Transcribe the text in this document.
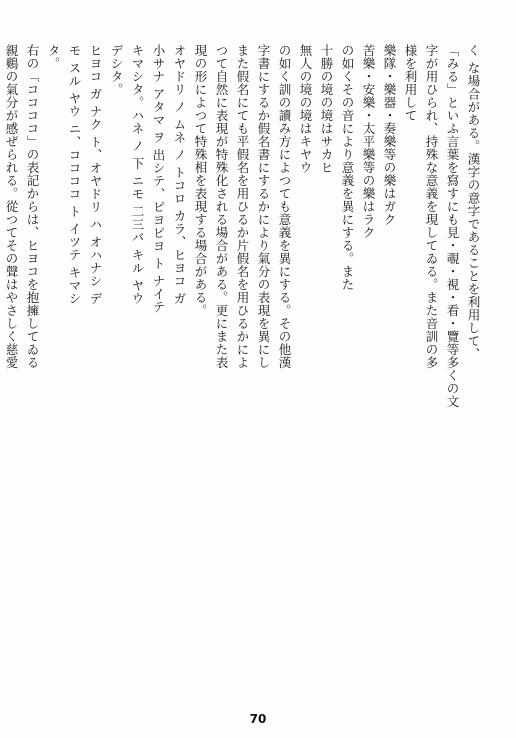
く な場合がある。漢字の意字であることを利用して、
「みる」といふ言葉を寫すにも見・覗・視・看・覽等多くの文
字が用ひられ、持殊な意義を現してゐる。また音訓の多
様を利用して
樂隊・樂器・奏樂等の樂はガク
苦樂・安樂・太平樂等の樂はラク
の如くその音により意義を異にする。また
十勝の境の境はサカヒ
無人の境の境はキヤウ
の如く訓の讀み方によつても意義を異にする。その他漢
字書にするか假名書にするかにより氣分の表現を異にし
また假名にても平假名を用ひるか片假名を用ひるかによ
つて自然に表現が特殊化される場合がある。更にまた表
現の形によつて特殊相を表現する場合がある。
オヤドリ ノ ムネ ノ トコロ カラ、ヒヨコ ガ
小サナ アタマ ヲ 出シテ、ピヨピヨ ト ナイテ
キマシタ。ハネ ノ 下 ニモ 二三バ キル ヤウ
デシタ。
ヒヨコ ガ ナク ト、オヤドリ ハ オハナシ デ
モ スル ヤウ ニ、ココココ ト イツテ キマシ
タ。
右の「ココココ」の表記からは、ヒヨコを抱擁してゐる
親鷄の氣分が感ぜられる。從つてその聲はやさしく慈愛
70
